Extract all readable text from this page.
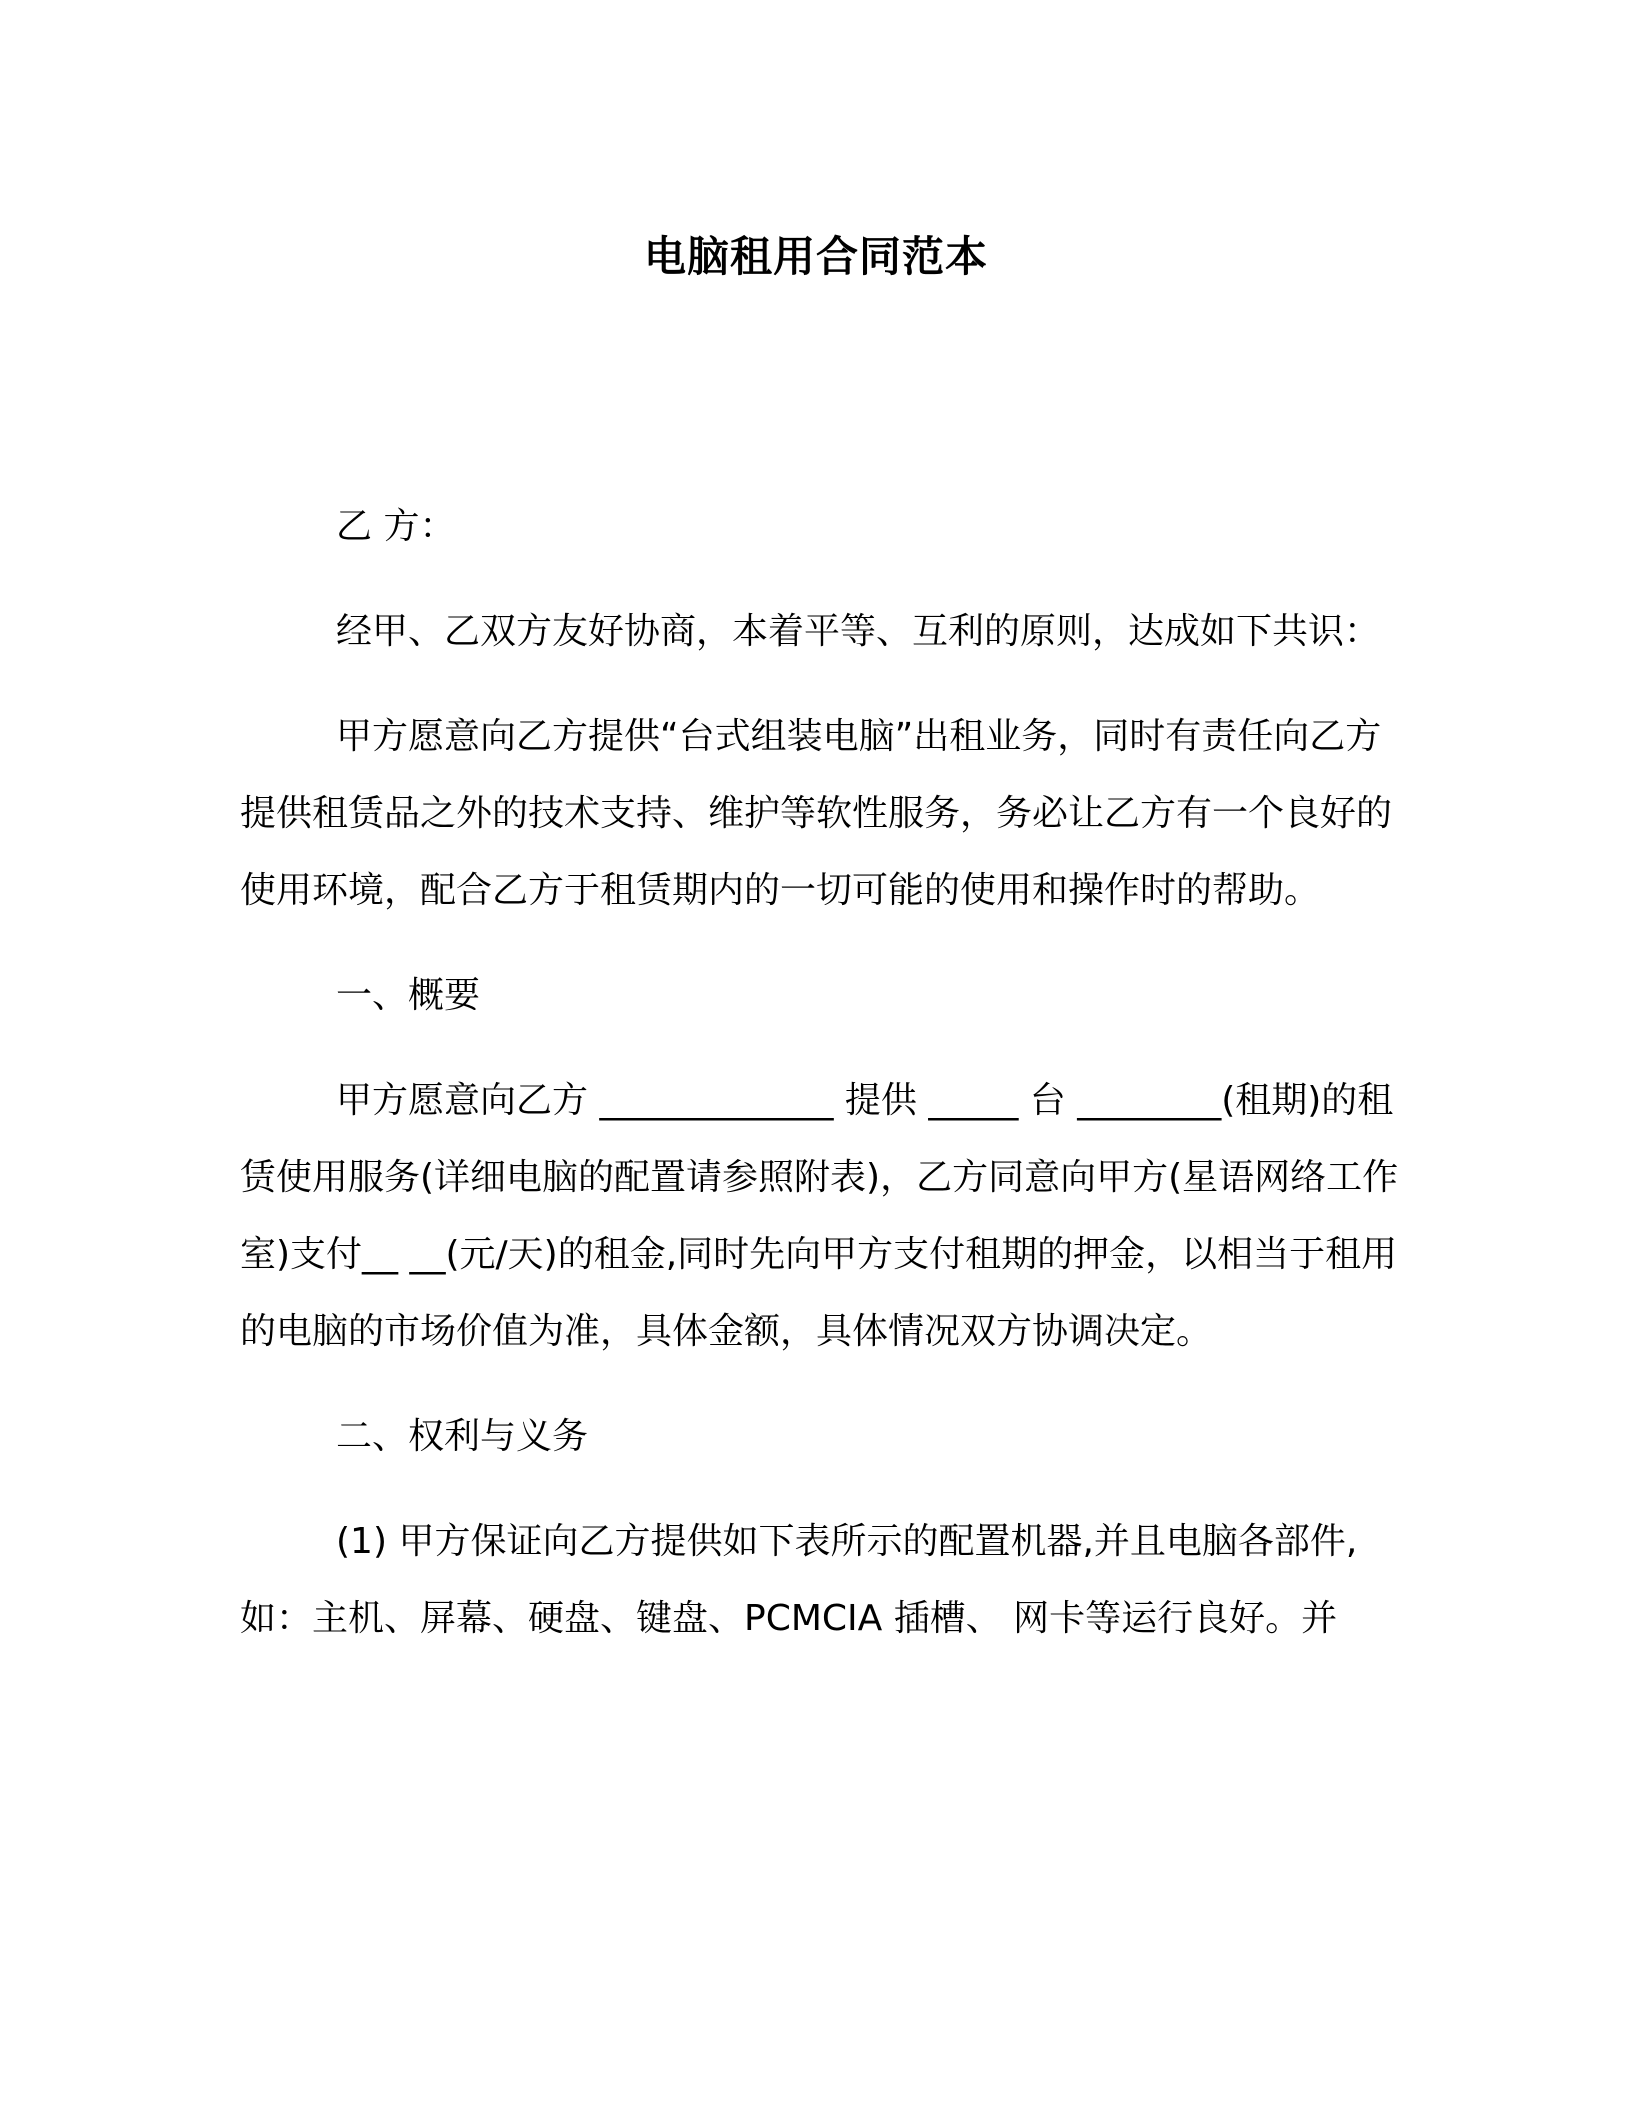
电脑租用合同范本

乙 方：

经甲、乙双方友好协商，本着平等、互利的原则，达成如下共识：

甲方愿意向乙方提供“台式组装电脑”出租业务，同时有责任向乙方提供租赁品之外的技术支持、维护等软性服务，务必让乙方有一个良好的使用环境，配合乙方于租赁期内的一切可能的使用和操作时的帮助。

一、概要

甲方愿意向乙方 _____________ 提供 _____ 台 ________(租期)的租赁使用服务(详细电脑的配置请参照附表)，乙方同意向甲方(星语网络工作室)支付__ __(元/天)的租金,同时先向甲方支付租期的押金，以相当于租用的电脑的市场价值为准，具体金额，具体情况双方协调决定。

二、权利与义务

(1) 甲方保证向乙方提供如下表所示的配置机器,并且电脑各部件,如：主机、屏幕、硬盘、键盘、PCMCIA 插槽、 网卡等运行良好。并
